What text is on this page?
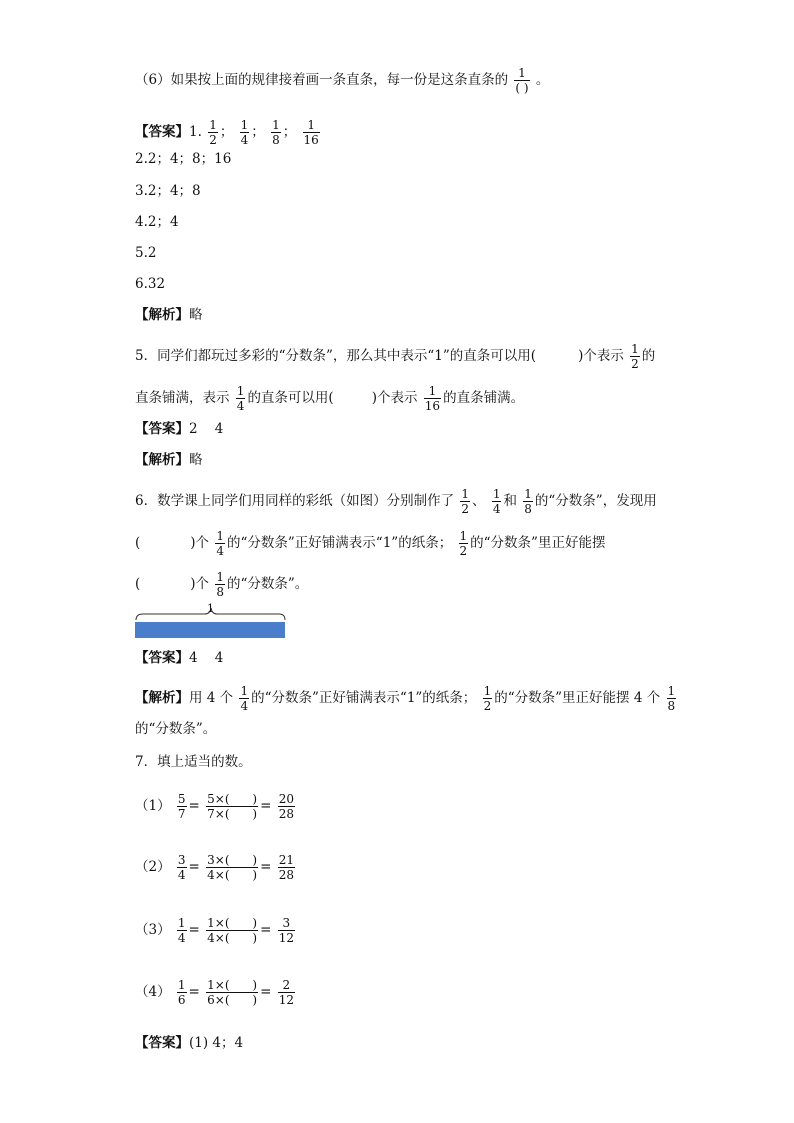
（6）如果按上面的规律接着画一条直条，每一份是这条直条的 $\frac{1}{( )}$ 。
【答案】1. $\frac{1}{2}$ ； $\frac{1}{4}$ ； $\frac{1}{8}$ ； $\frac{1}{16}$
2.2；4；8；16
3.2；4；8
4.2；4
5.2
6.32
【解析】略
5．同学们都玩过多彩的“分数条”，那么其中表示“1”的直条可以用(	)个表示 $\frac{1}{2}$ 的
直条铺满，表示 $\frac{1}{4}$ 的直条可以用(	)个表示 $\frac{1}{16}$ 的直条铺满。
【答案】2    4
【解析】略
6．数学课上同学们用同样的彩纸（如图）分别制作了 $\frac{1}{2}$ 、 $\frac{1}{4}$ 和 $\frac{1}{8}$ 的“分数条”，发现用
(	)个 $\frac{1}{4}$ 的“分数条”正好铺满表示“1”的纸条； $\frac{1}{2}$ 的“分数条”里正好能摆
(	)个 $\frac{1}{8}$ 的“分数条”。
1
【答案】4    4
【解析】用 4 个 $\frac{1}{4}$ 的“分数条”正好铺满表示“1”的纸条； $\frac{1}{2}$ 的“分数条”里正好能摆 4 个 $\frac{1}{8}$
的“分数条”。
7．填上适当的数。
$(1) \frac{5}{7} = \frac{5\times( )}{7\times( )} = \frac{20}{28}$
$(2) \frac{3}{4} = \frac{3\times( )}{4\times( )} = \frac{21}{28}$
$(3) \frac{1}{4} = \frac{1\times( )}{4\times( )} = \frac{3}{12}$
$(4) \frac{1}{6} = \frac{1\times( )}{6\times( )} = \frac{2}{12}$
【答案】(1) 4；4
